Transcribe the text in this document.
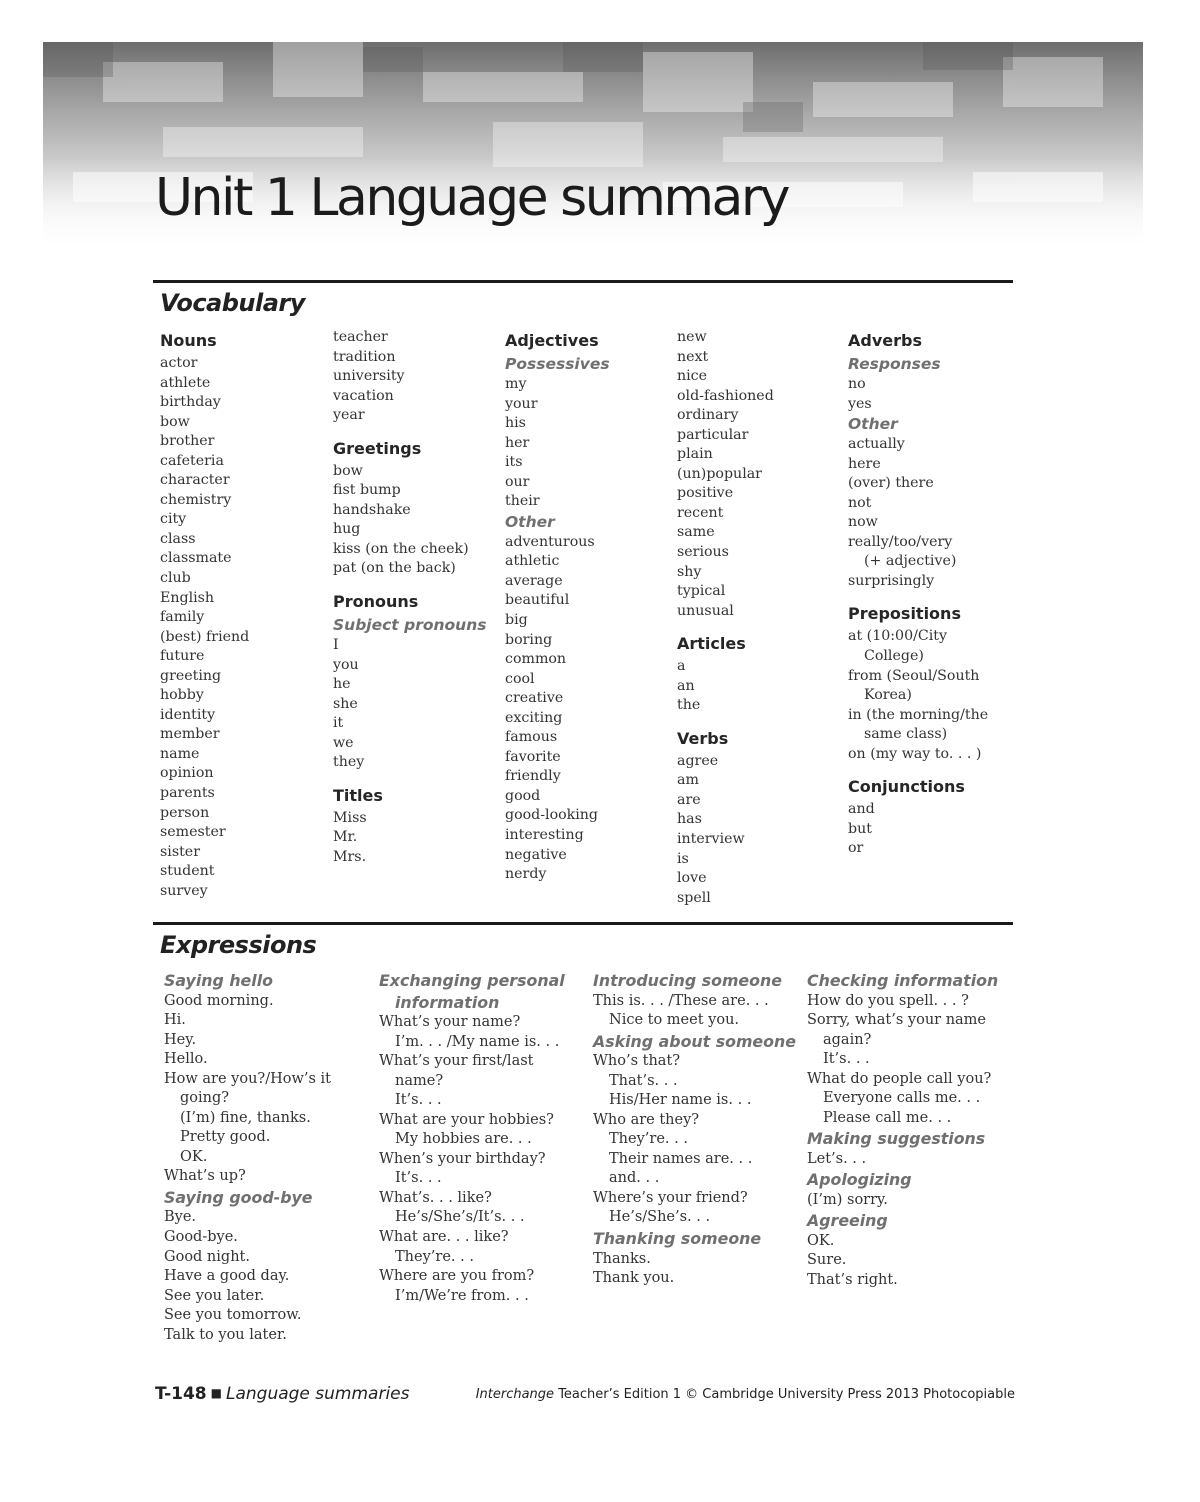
Unit 1 Language summary
Vocabulary
Nouns
actor
athlete
birthday
bow
brother
cafeteria
character
chemistry
city
class
classmate
club
English
family
(best) friend
future
greeting
hobby
identity
member
name
opinion
parents
person
semester
sister
student
survey
teacher
tradition
university
vacation
year
Greetings
bow
fist bump
handshake
hug
kiss (on the cheek)
pat (on the back)
Pronouns
Subject pronouns
I
you
he
she
it
we
they
Titles
Miss
Mr.
Mrs.
Adjectives
Possessives
my
your
his
her
its
our
their
Other
adventurous
athletic
average
beautiful
big
boring
common
cool
creative
exciting
famous
favorite
friendly
good
good-looking
interesting
negative
nerdy
new
next
nice
old-fashioned
ordinary
particular
plain
(un)popular
positive
recent
same
serious
shy
typical
unusual
Articles
a
an
the
Verbs
agree
am
are
has
interview
is
love
spell
Adverbs
Responses
no
yes
Other
actually
here
(over) there
not
now
really/too/very
(+ adjective)
surprisingly
Prepositions
at (10:00/City
College)
from (Seoul/South
Korea)
in (the morning/the
same class)
on (my way to. . . )
Conjunctions
and
but
or
Expressions
Saying hello
Good morning.
Hi.
Hey.
Hello.
How are you?/How’s it
going?
(I’m) fine, thanks.
Pretty good.
OK.
What’s up?
Saying good-bye
Bye.
Good-bye.
Good night.
Have a good day.
See you later.
See you tomorrow.
Talk to you later.
Exchanging personal
information
What’s your name?
I’m. . . /My name is. . .
What’s your first/last
name?
It’s. . .
What are your hobbies?
My hobbies are. . .
When’s your birthday?
It’s. . .
What’s. . . like?
He’s/She’s/It’s. . .
What are. . . like?
They’re. . .
Where are you from?
I’m/We’re from. . .
Introducing someone
This is. . . /These are. . .
Nice to meet you.
Asking about someone
Who’s that?
That’s. . .
His/Her name is. . .
Who are they?
They’re. . .
Their names are. . .
and. . .
Where’s your friend?
He’s/She’s. . .
Thanking someone
Thanks.
Thank you.
Checking information
How do you spell. . . ?
Sorry, what’s your name
again?
It’s. . .
What do people call you?
Everyone calls me. . .
Please call me. . .
Making suggestions
Let’s. . .
Apologizing
(I’m) sorry.
Agreeing
OK.
Sure.
That’s right.
T-148 ■ Language summaries	Interchange Teacher’s Edition 1 © Cambridge University Press 2013 Photocopiable
